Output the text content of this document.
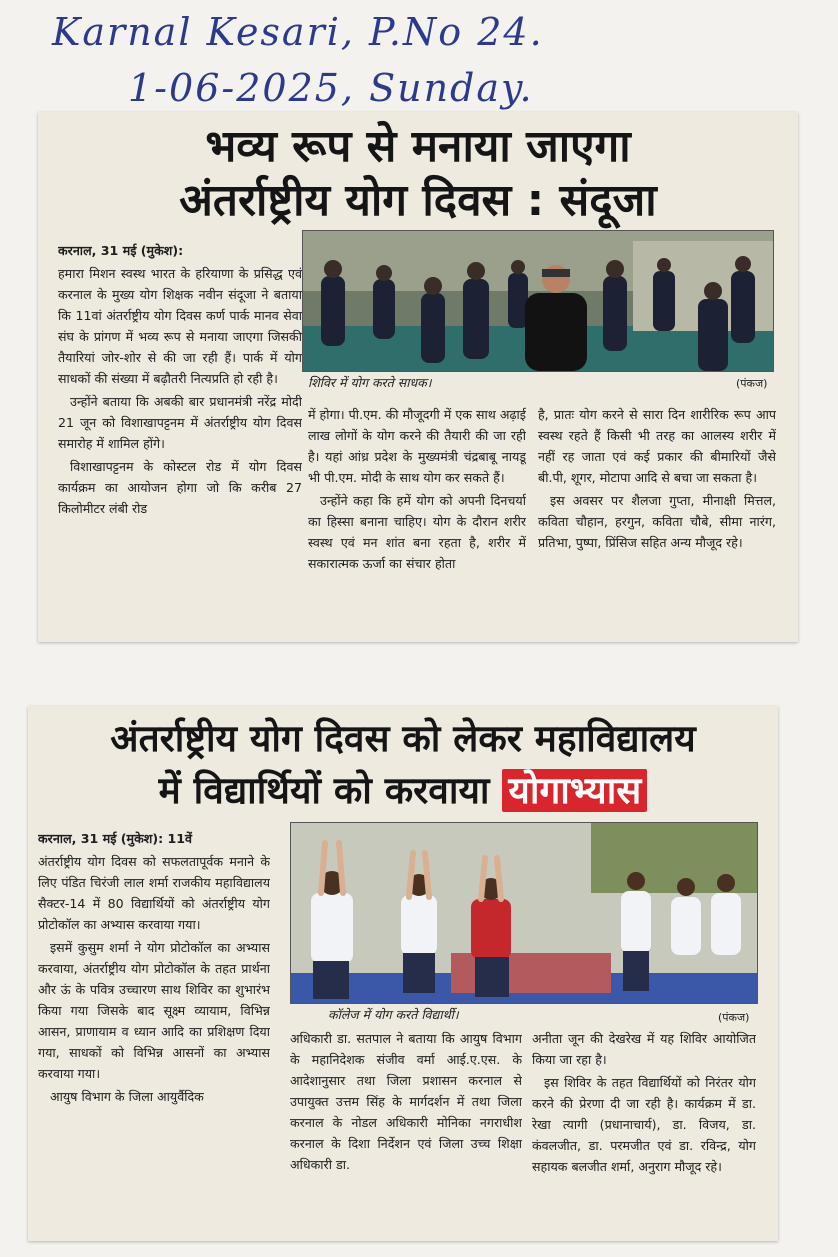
Karnal Kesari, P.No 24.
1-06-2025, Sunday.
भव्य रूप से मनाया जाएगा
अंतर्राष्ट्रीय योग दिवस : संदूजा

करनाल, 31 मई (मुकेश):

हमारा मिशन स्वस्थ भारत के हरियाणा के प्रसिद्ध एवं करनाल के मुख्य योग शिक्षक नवीन संदूजा ने बताया कि 11वां अंतर्राष्ट्रीय योग दिवस कर्ण पार्क मानव सेवा संघ के प्रांगण में भव्य रूप से मनाया जाएगा जिसकी तैयारियां जोर-शोर से की जा रही हैं। पार्क में योग साधकों की संख्या में बढ़ौतरी नित्यप्रति हो रही है।

उन्होंने बताया कि अबकी बार प्रधानमंत्री नरेंद्र मोदी 21 जून को विशाखापट्टनम में अंतर्राष्ट्रीय योग दिवस समारोह में शामिल होंगे।

विशाखापट्टनम के कोस्टल रोड में योग दिवस कार्यक्रम का आयोजन होगा जो कि करीब 27 किलोमीटर लंबी रोड

शिविर में योग करते साधक।	(पंकज)

में होगा। पी.एम. की मौजूदगी में एक साथ अढ़ाई लाख लोगों के योग करने की तैयारी की जा रही है। यहां आंध्र प्रदेश के मुख्यमंत्री चंद्रबाबू नायडू भी पी.एम. मोदी के साथ योग कर सकते हैं।

उन्होंने कहा कि हमें योग को अपनी दिनचर्या का हिस्सा बनाना चाहिए। योग के दौरान शरीर स्वस्थ एवं मन शांत बना रहता है, शरीर में सकारात्मक ऊर्जा का संचार होता

है, प्रातः योग करने से सारा दिन शारीरिक रूप आप स्वस्थ रहते हैं किसी भी तरह का आलस्य शरीर में नहीं रह जाता एवं कई प्रकार की बीमारियों जैसे बी.पी, शूगर, मोटापा आदि से बचा जा सकता है।

इस अवसर पर शैलजा गुप्ता, मीनाक्षी मित्तल, कविता चौहान, हरगुन, कविता चौबे, सीमा नारंग, प्रतिभा, पुष्पा, प्रिंसिज सहित अन्य मौजूद रहे।

अंतर्राष्ट्रीय योग दिवस को लेकर महाविद्यालय
में विद्यार्थियों को करवाया योगाभ्यास

करनाल, 31 मई (मुकेश): 11वें

अंतर्राष्ट्रीय योग दिवस को सफलतापूर्वक मनाने के लिए पंडित चिरंजी लाल शर्मा राजकीय महाविद्यालय सैक्टर-14 में 80 विद्यार्थियों को अंतर्राष्ट्रीय योग प्रोटोकॉल का अभ्यास करवाया गया।

इसमें कुसुम शर्मा ने योग प्रोटोकॉल का अभ्यास करवाया, अंतर्राष्ट्रीय योग प्रोटोकॉल के तहत प्रार्थना और ऊं के पवित्र उच्चारण साथ शिविर का शुभारंभ किया गया जिसके बाद सूक्ष्म व्यायाम, विभिन्न आसन, प्राणायाम व ध्यान आदि का प्रशिक्षण दिया गया, साधकों को विभिन्न आसनों का अभ्यास करवाया गया।

आयुष विभाग के जिला आयुर्वैदिक

कॉलेज में योग करते विद्यार्थी।	(पंकज)

अधिकारी डा. सतपाल ने बताया कि आयुष विभाग के महानिदेशक संजीव वर्मा आई.ए.एस. के आदेशानुसार तथा जिला प्रशासन करनाल से उपायुक्त उत्तम सिंह के मार्गदर्शन में तथा जिला करनाल के नोडल अधिकारी मोनिका नगराधीश करनाल के दिशा निर्देशन एवं जिला उच्च शिक्षा अधिकारी डा.

अनीता जून की देखरेख में यह शिविर आयोजित किया जा रहा है।

इस शिविर के तहत विद्यार्थियों को निरंतर योग करने की प्रेरणा दी जा रही है। कार्यक्रम में डा. रेखा त्यागी (प्रधानाचार्य), डा. विजय, डा. कंवलजीत, डा. परमजीत एवं डा. रविन्द्र, योग सहायक बलजीत शर्मा, अनुराग मौजूद रहे।
